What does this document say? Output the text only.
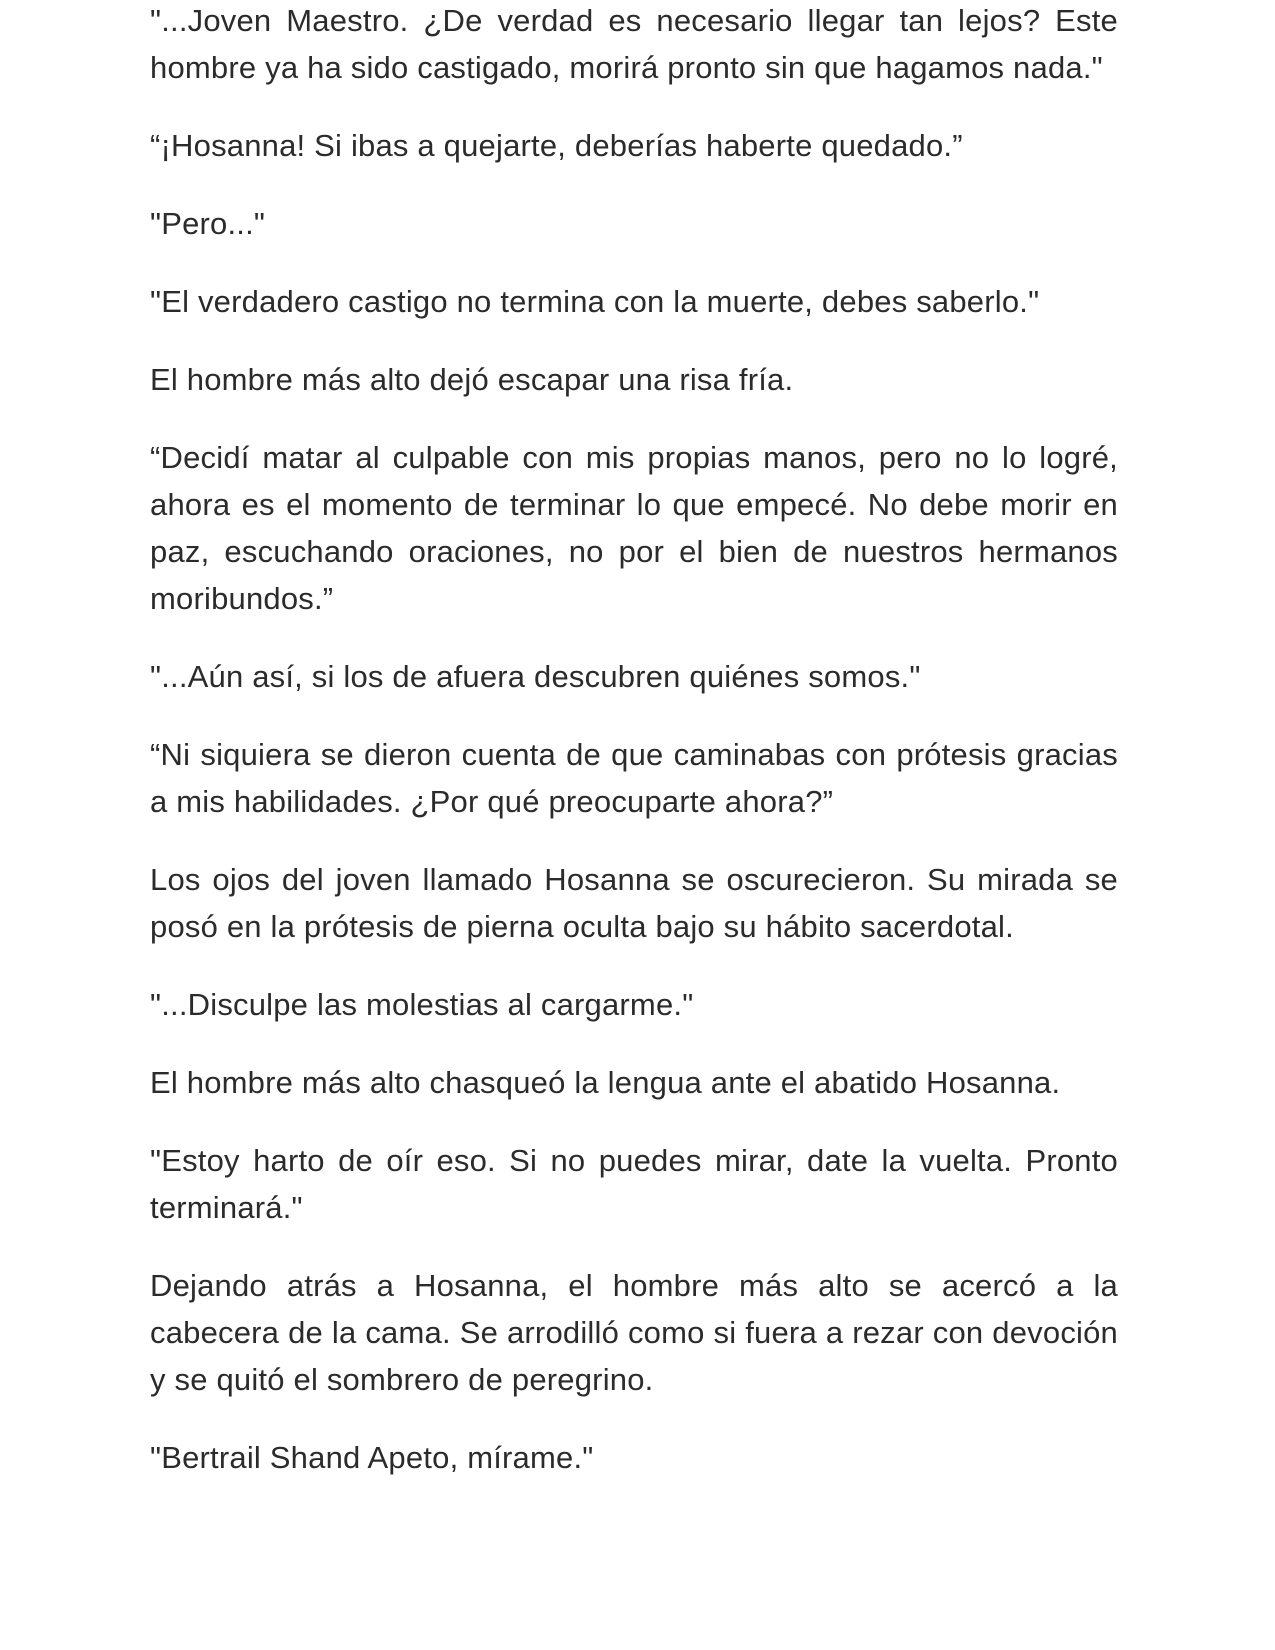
"...Joven Maestro. ¿De verdad es necesario llegar tan lejos? Este hombre ya ha sido castigado, morirá pronto sin que hagamos nada."

“¡Hosanna! Si ibas a quejarte, deberías haberte quedado.”

"Pero..."

"El verdadero castigo no termina con la muerte, debes saberlo."

El hombre más alto dejó escapar una risa fría.

“Decidí matar al culpable con mis propias manos, pero no lo logré, ahora es el momento de terminar lo que empecé. No debe morir en paz, escuchando oraciones, no por el bien de nuestros hermanos moribundos.”

"...Aún así, si los de afuera descubren quiénes somos."

“Ni siquiera se dieron cuenta de que caminabas con prótesis gracias a mis habilidades. ¿Por qué preocuparte ahora?”

Los ojos del joven llamado Hosanna se oscurecieron. Su mirada se posó en la prótesis de pierna oculta bajo su hábito sacerdotal.

"...Disculpe las molestias al cargarme."

El hombre más alto chasqueó la lengua ante el abatido Hosanna.

"Estoy harto de oír eso. Si no puedes mirar, date la vuelta. Pronto terminará."

Dejando atrás a Hosanna, el hombre más alto se acercó a la cabecera de la cama. Se arrodilló como si fuera a rezar con devoción y se quitó el sombrero de peregrino.

"Bertrail Shand Apeto, mírame."
